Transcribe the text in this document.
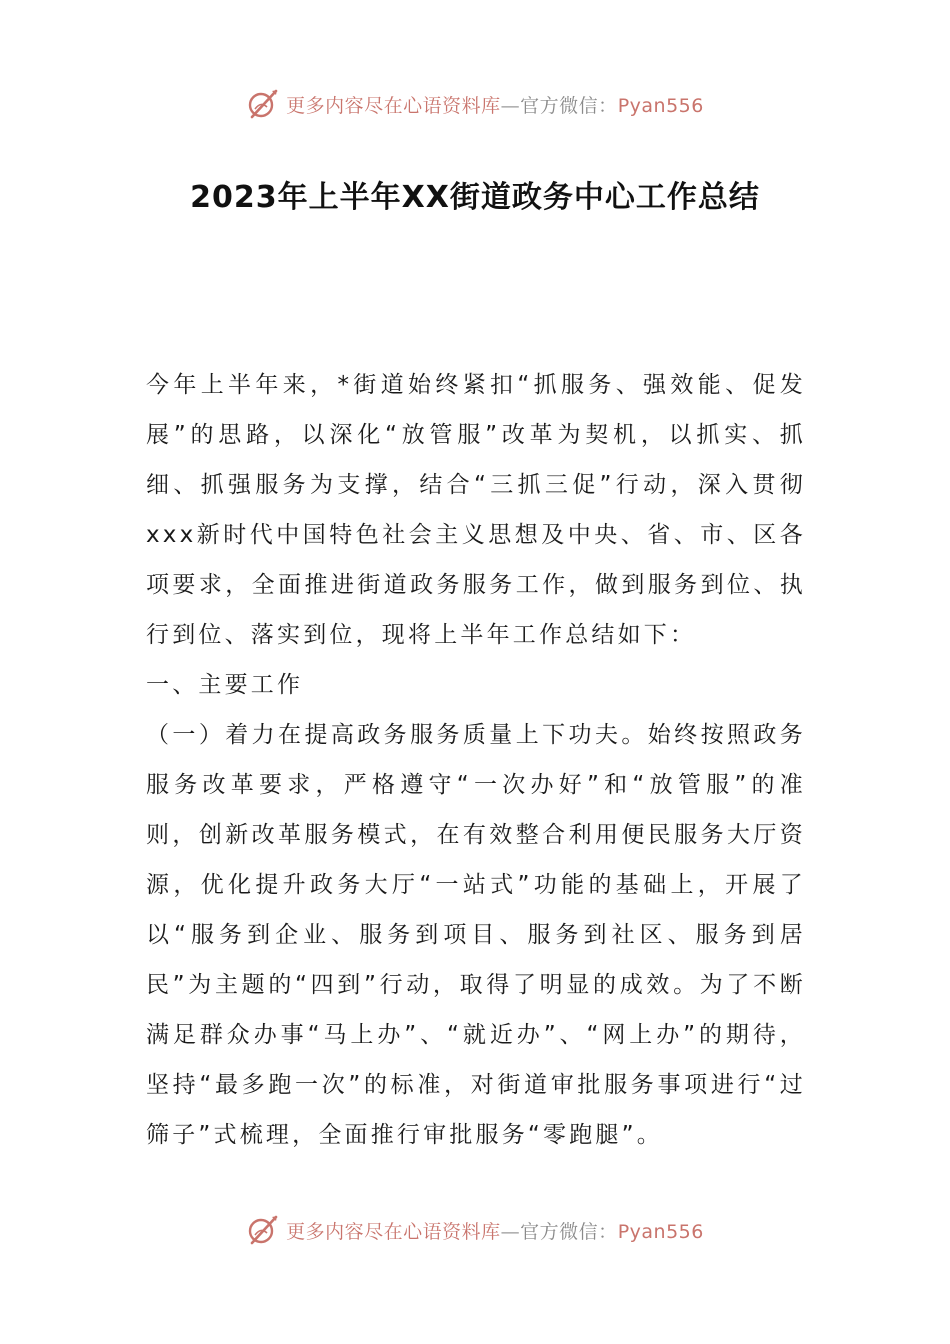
更多内容尽在心语资料库—官方微信：Pyan556
2023年上半年XX街道政务中心工作总结

今年上半年来，*街道始终紧扣“抓服务、强效能、促发展”的思路，以深化“放管服”改革为契机，以抓实、抓细、抓强服务为支撑，结合“三抓三促”行动，深入贯彻xxx新时代中国特色社会主义思想及中央、省、市、区各项要求，全面推进街道政务服务工作，做到服务到位、执行到位、落实到位，现将上半年工作总结如下：

一、主要工作

（一）着力在提高政务服务质量上下功夫。始终按照政务服务改革要求，严格遵守“一次办好”和“放管服”的准则，创新改革服务模式，在有效整合利用便民服务大厅资源，优化提升政务大厅“一站式”功能的基础上，开展了以“服务到企业、服务到项目、服务到社区、服务到居民”为主题的“四到”行动，取得了明显的成效。为了不断满足群众办事“马上办”、“就近办”、“网上办”的期待，坚持“最多跑一次”的标准，对街道审批服务事项进行“过筛子”式梳理，全面推行审批服务“零跑腿”。

更多内容尽在心语资料库—官方微信：Pyan556
